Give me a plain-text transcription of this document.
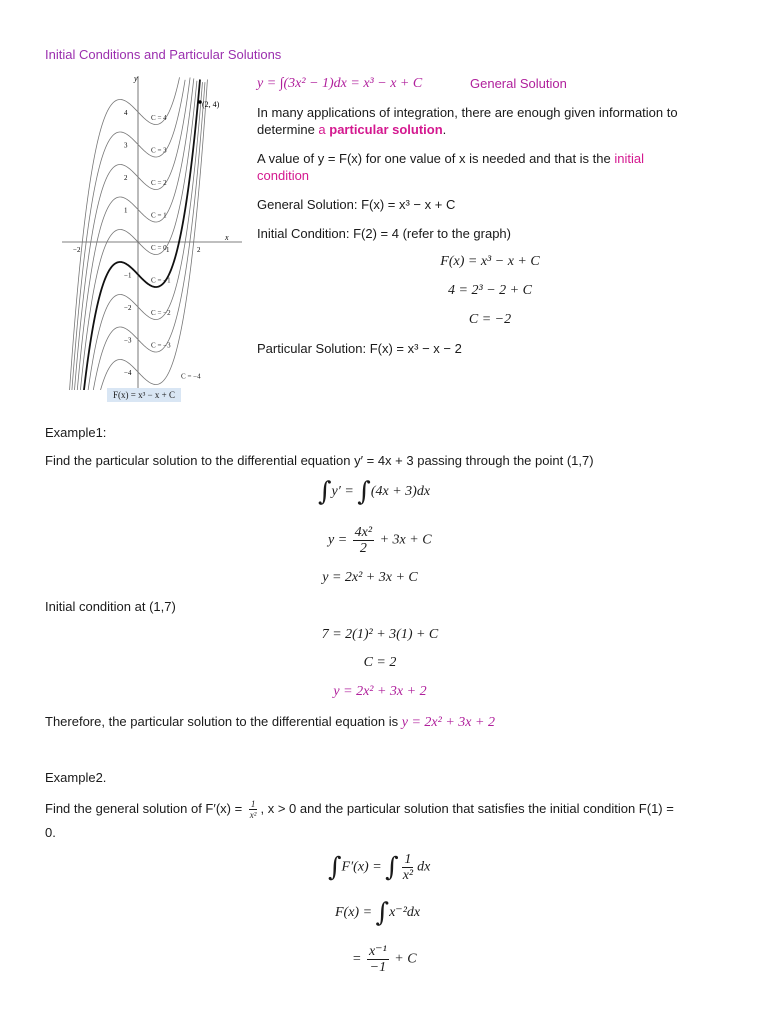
Initial Conditions and Particular Solutions
−2	1	2
4
3
2
1
−1
−2
−3
−4
C = 4
C = 3
C = 2
C = 1
C = 0
C = −1
C = −2
C = −3
C = −4
(2, 4)
y
x
F(x) = x³ − x + C
y = ∫(3x² − 1)dx = x³ − x + C	General Solution
In many applications of integration, there are enough given information to
determine a particular solution.
A value of y = F(x) for one value of x is needed and that is the initial
condition
General Solution: F(x) = x³ − x + C
Initial Condition: F(2) = 4 (refer to the graph)
F(x) = x³ − x + C
4 = 2³ − 2 + C
C = −2
Particular Solution: F(x) = x³ − x − 2
Example1:
Find the particular solution to the differential equation y′ = 4x + 3 passing through the point (1,7)
∫y′ = ∫(4x + 3)dx
$y = \frac{\text{4x²}}{2} + 3x + C$
y = 2x² + 3x + C
Initial condition at (1,7)
7 = 2(1)² + 3(1) + C
C = 2
y = 2x² + 3x + 2
Therefore, the particular solution to the differential equation is y = 2x² + 3x + 2
Example2.
Find the general solution of $F'(x) = \frac{1}{\text{x²}}$ , x > 0 and the particular solution that satisfies the initial condition F(1) =
0.
∫F′(x) = ∫ $\frac{1}{\text{x²}}$ dx
F(x) = ∫x⁻²dx
= $\frac{\text{x⁻¹}}{-1} + C$
